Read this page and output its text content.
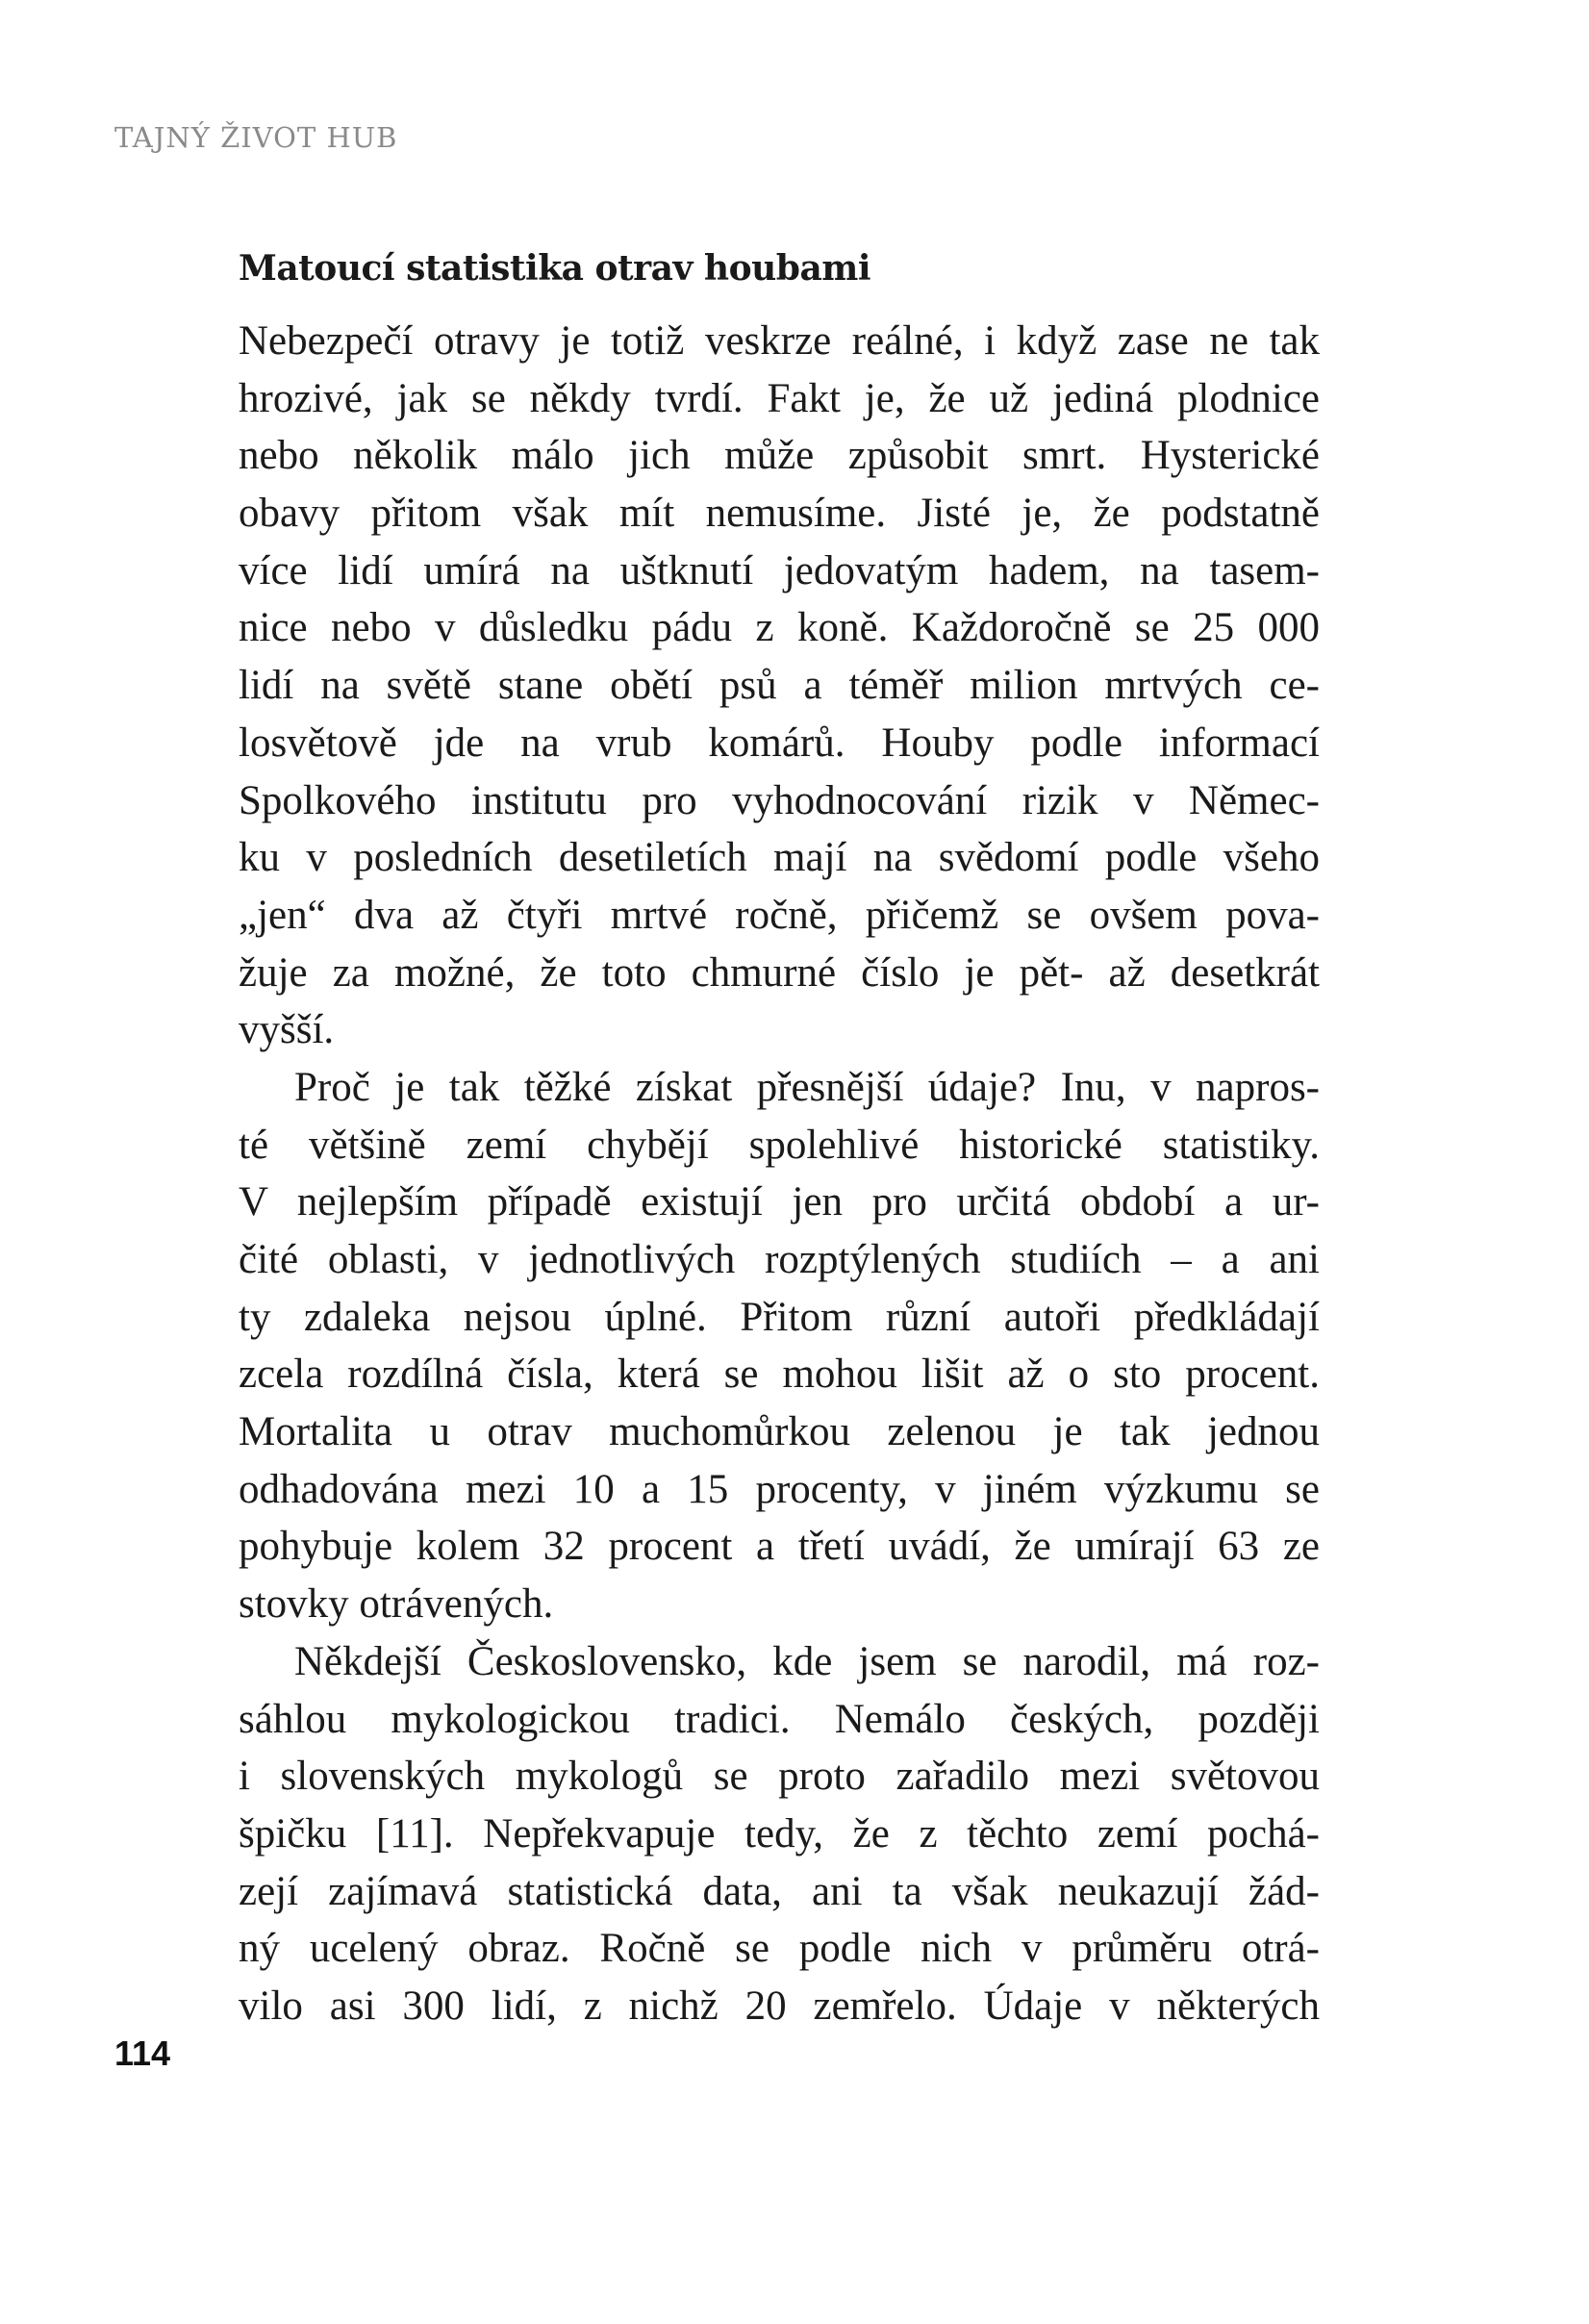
TAJNÝ ŽIVOT HUB
Matoucí statistika otrav houbami
Nebezpečí otravy je totiž veskrze reálné, i když zase ne tak
hrozivé, jak se někdy tvrdí. Fakt je, že už jediná plodnice
nebo několik málo jich může způsobit smrt. Hysterické
obavy přitom však mít nemusíme. Jisté je, že podstatně
více lidí umírá na uštknutí jedovatým hadem, na tasem-
nice nebo v důsledku pádu z koně. Každoročně se 25 000
lidí na světě stane obětí psů a téměř milion mrtvých ce-
losvětově jde na vrub komárů. Houby podle informací
Spolkového institutu pro vyhodnocování rizik v Němec-
ku v posledních desetiletích mají na svědomí podle všeho
„jen“ dva až čtyři mrtvé ročně, přičemž se ovšem pova-
žuje za možné, že toto chmurné číslo je pět- až desetkrát
vyšší.
Proč je tak těžké získat přesnější údaje? Inu, v napros-
té většině zemí chybějí spolehlivé historické statistiky.
V nejlepším případě existují jen pro určitá období a ur-
čité oblasti, v jednotlivých rozptýlených studiích – a ani
ty zdaleka nejsou úplné. Přitom různí autoři předkládají
zcela rozdílná čísla, která se mohou lišit až o sto procent.
Mortalita u otrav muchomůrkou zelenou je tak jednou
odhadována mezi 10 a 15 procenty, v jiném výzkumu se
pohybuje kolem 32 procent a třetí uvádí, že umírají 63 ze
stovky otrávených.
Někdejší Československo, kde jsem se narodil, má roz-
sáhlou mykologickou tradici. Nemálo českých, později
i slovenských mykologů se proto zařadilo mezi světovou
špičku [11]. Nepřekvapuje tedy, že z těchto zemí pochá-
zejí zajímavá statistická data, ani ta však neukazují žád-
ný ucelený obraz. Ročně se podle nich v průměru otrá-
vilo asi 300 lidí, z nichž 20 zemřelo. Údaje v některých
114
